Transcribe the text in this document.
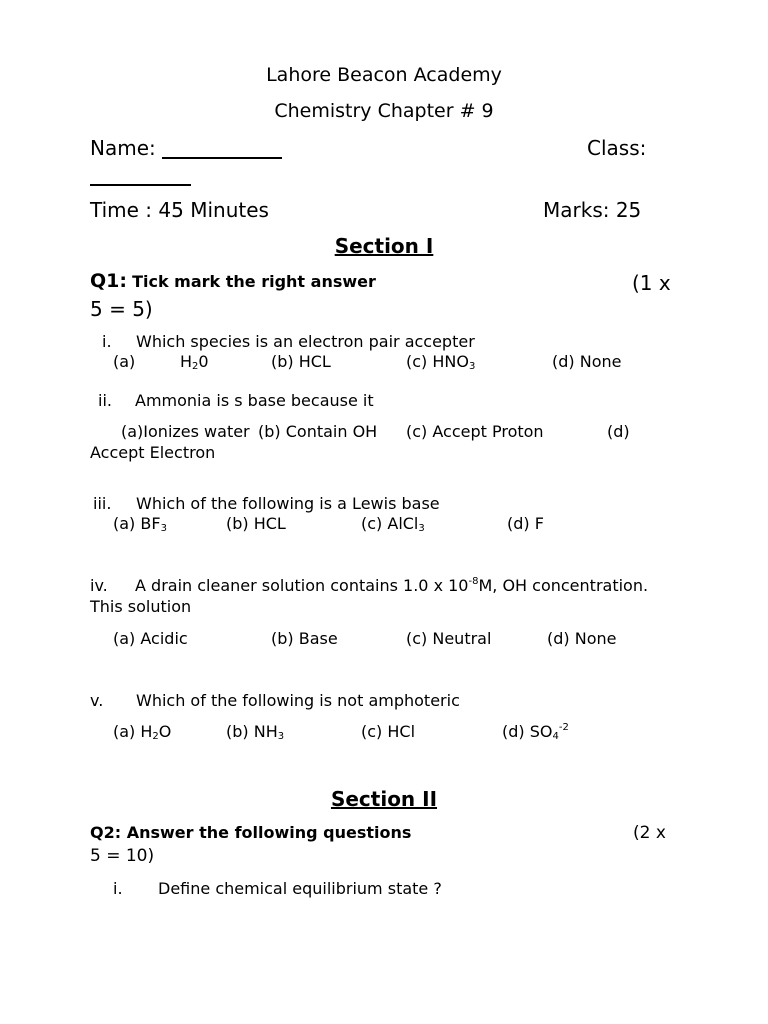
Lahore Beacon Academy
Chemistry Chapter # 9
Name:	Class:
Time : 45 Minutes	Marks: 25
Section I
Q1: Tick mark the right answer	(1 x
5 = 5)
i. Which species is an electron pair accepter
(a)	$H_20$	(b) HCL	(c) $HNO_3$	(d) None
ii. Ammonia is s base because it
(a)Ionizes water (b) Contain OH (c) Accept Proton	(d)
Accept Electron
iii. Which of the following is a Lewis base
(a) $BF_3$	(b) HCL	(c) AlCl$_3$	(d) F
iv. A drain cleaner solution contains 1.0 x $10^{-8}M$, OH concentration.
This solution
(a) Acidic	(b) Base	(c) Neutral	(d) None
v. Which of the following is not amphoteric
(a) $H_2O$	(b) $NH_3$	(c) HCl	(d) $SO_4^{-2}$
Section II
Q2: Answer the following questions	(2 x
5 = 10)
i. Define chemical equilibrium state ?
